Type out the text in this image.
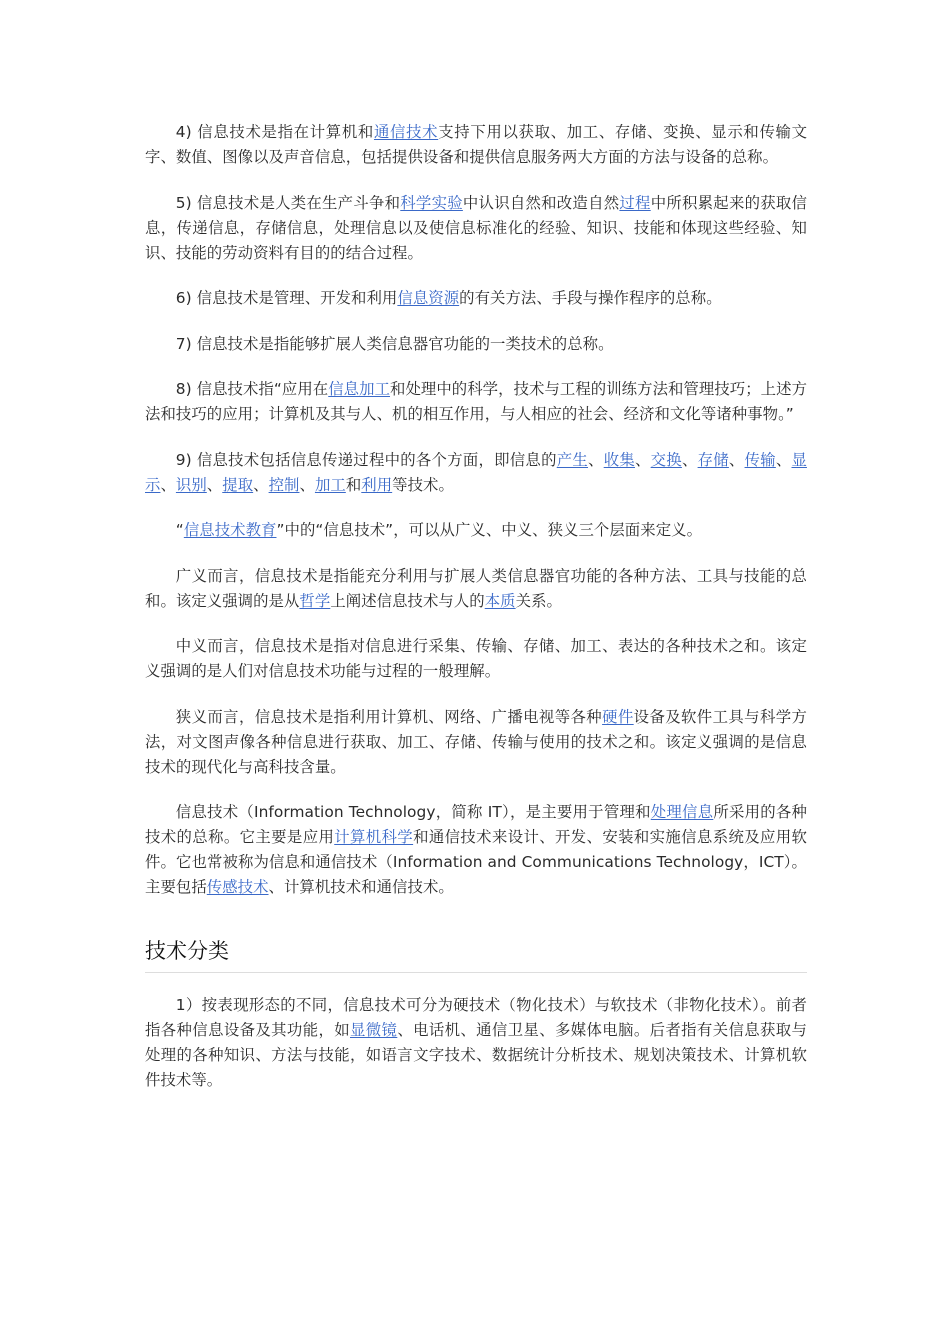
4) 信息技术是指在计算机和通信技术支持下用以获取、加工、存储、变换、显示和传输文字、数值、图像以及声音信息，包括提供设备和提供信息服务两大方面的方法与设备的总称。

5) 信息技术是人类在生产斗争和科学实验中认识自然和改造自然过程中所积累起来的获取信息，传递信息，存储信息，处理信息以及使信息标准化的经验、知识、技能和体现这些经验、知识、技能的劳动资料有目的的结合过程。

6) 信息技术是管理、开发和利用信息资源的有关方法、手段与操作程序的总称。

7) 信息技术是指能够扩展人类信息器官功能的一类技术的总称。

8) 信息技术指“应用在信息加工和处理中的科学，技术与工程的训练方法和管理技巧；上述方法和技巧的应用；计算机及其与人、机的相互作用，与人相应的社会、经济和文化等诸种事物。”

9) 信息技术包括信息传递过程中的各个方面，即信息的产生、收集、交换、存储、传输、显示、识别、提取、控制、加工和利用等技术。

“信息技术教育”中的“信息技术”，可以从广义、中义、狭义三个层面来定义。

广义而言，信息技术是指能充分利用与扩展人类信息器官功能的各种方法、工具与技能的总和。该定义强调的是从哲学上阐述信息技术与人的本质关系。

中义而言，信息技术是指对信息进行采集、传输、存储、加工、表达的各种技术之和。该定义强调的是人们对信息技术功能与过程的一般理解。

狭义而言，信息技术是指利用计算机、网络、广播电视等各种硬件设备及软件工具与科学方法，对文图声像各种信息进行获取、加工、存储、传输与使用的技术之和。该定义强调的是信息技术的现代化与高科技含量。

信息技术（Information Technology，简称 IT），是主要用于管理和处理信息所采用的各种技术的总称。它主要是应用计算机科学和通信技术来设计、开发、安装和实施信息系统及应用软件。它也常被称为信息和通信技术（Information and Communications Technology，ICT）。主要包括传感技术、计算机技术和通信技术。

技术分类

1）按表现形态的不同，信息技术可分为硬技术（物化技术）与软技术（非物化技术）。前者指各种信息设备及其功能，如显微镜、电话机、通信卫星、多媒体电脑。后者指有关信息获取与处理的各种知识、方法与技能，如语言文字技术、数据统计分析技术、规划决策技术、计算机软件技术等。
